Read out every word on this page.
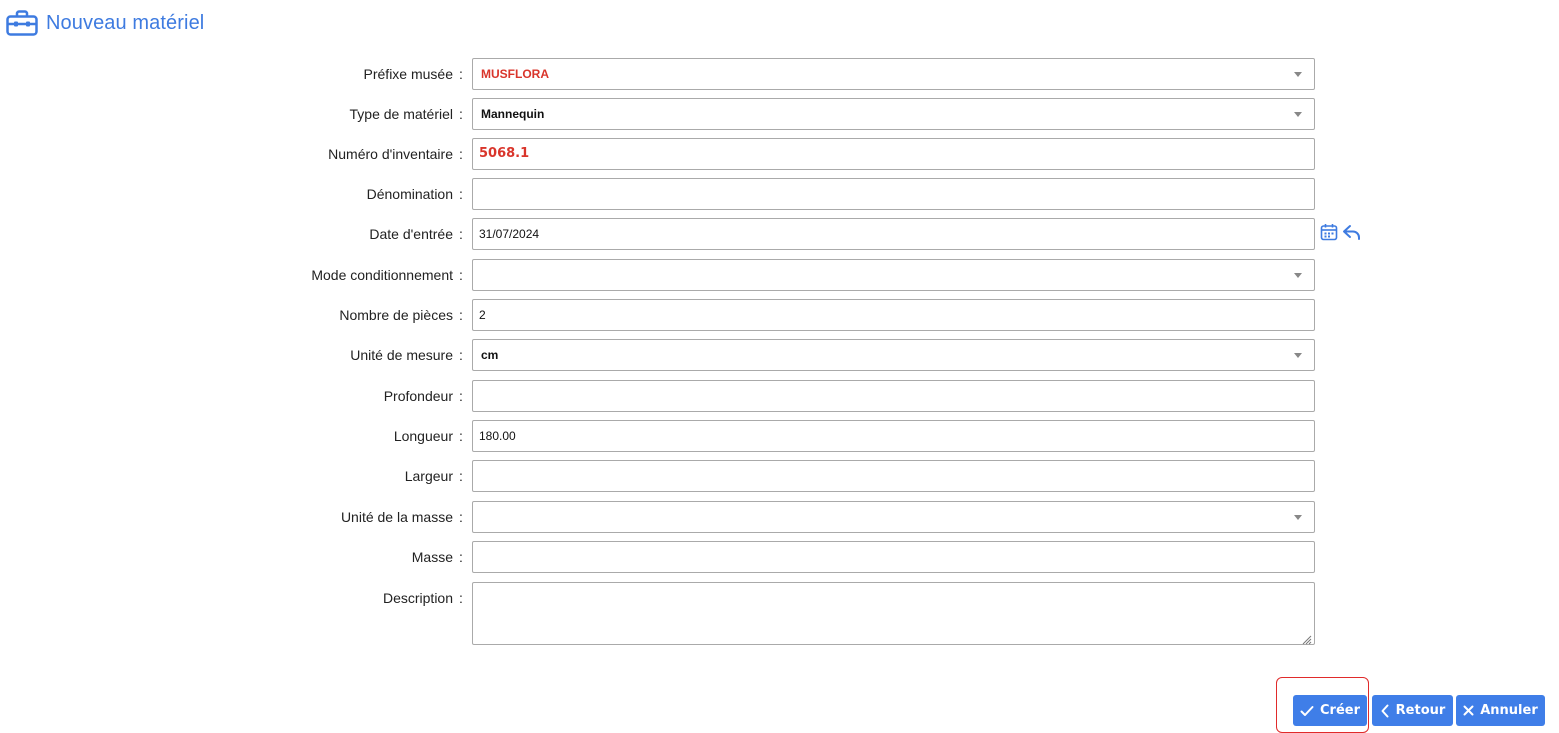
Nouveau matériel
Préfixe musée : MUSFLORA
Type de matériel : Mannequin
Numéro d'inventaire : 5068.1
Dénomination :
Date d'entrée : 31/07/2024
Mode conditionnement :
Nombre de pièces : 2
Unité de mesure : cm
Profondeur :
Longueur : 180.00
Largeur :
Unité de la masse :
Masse :
Description :
Créer	Retour	Annuler
